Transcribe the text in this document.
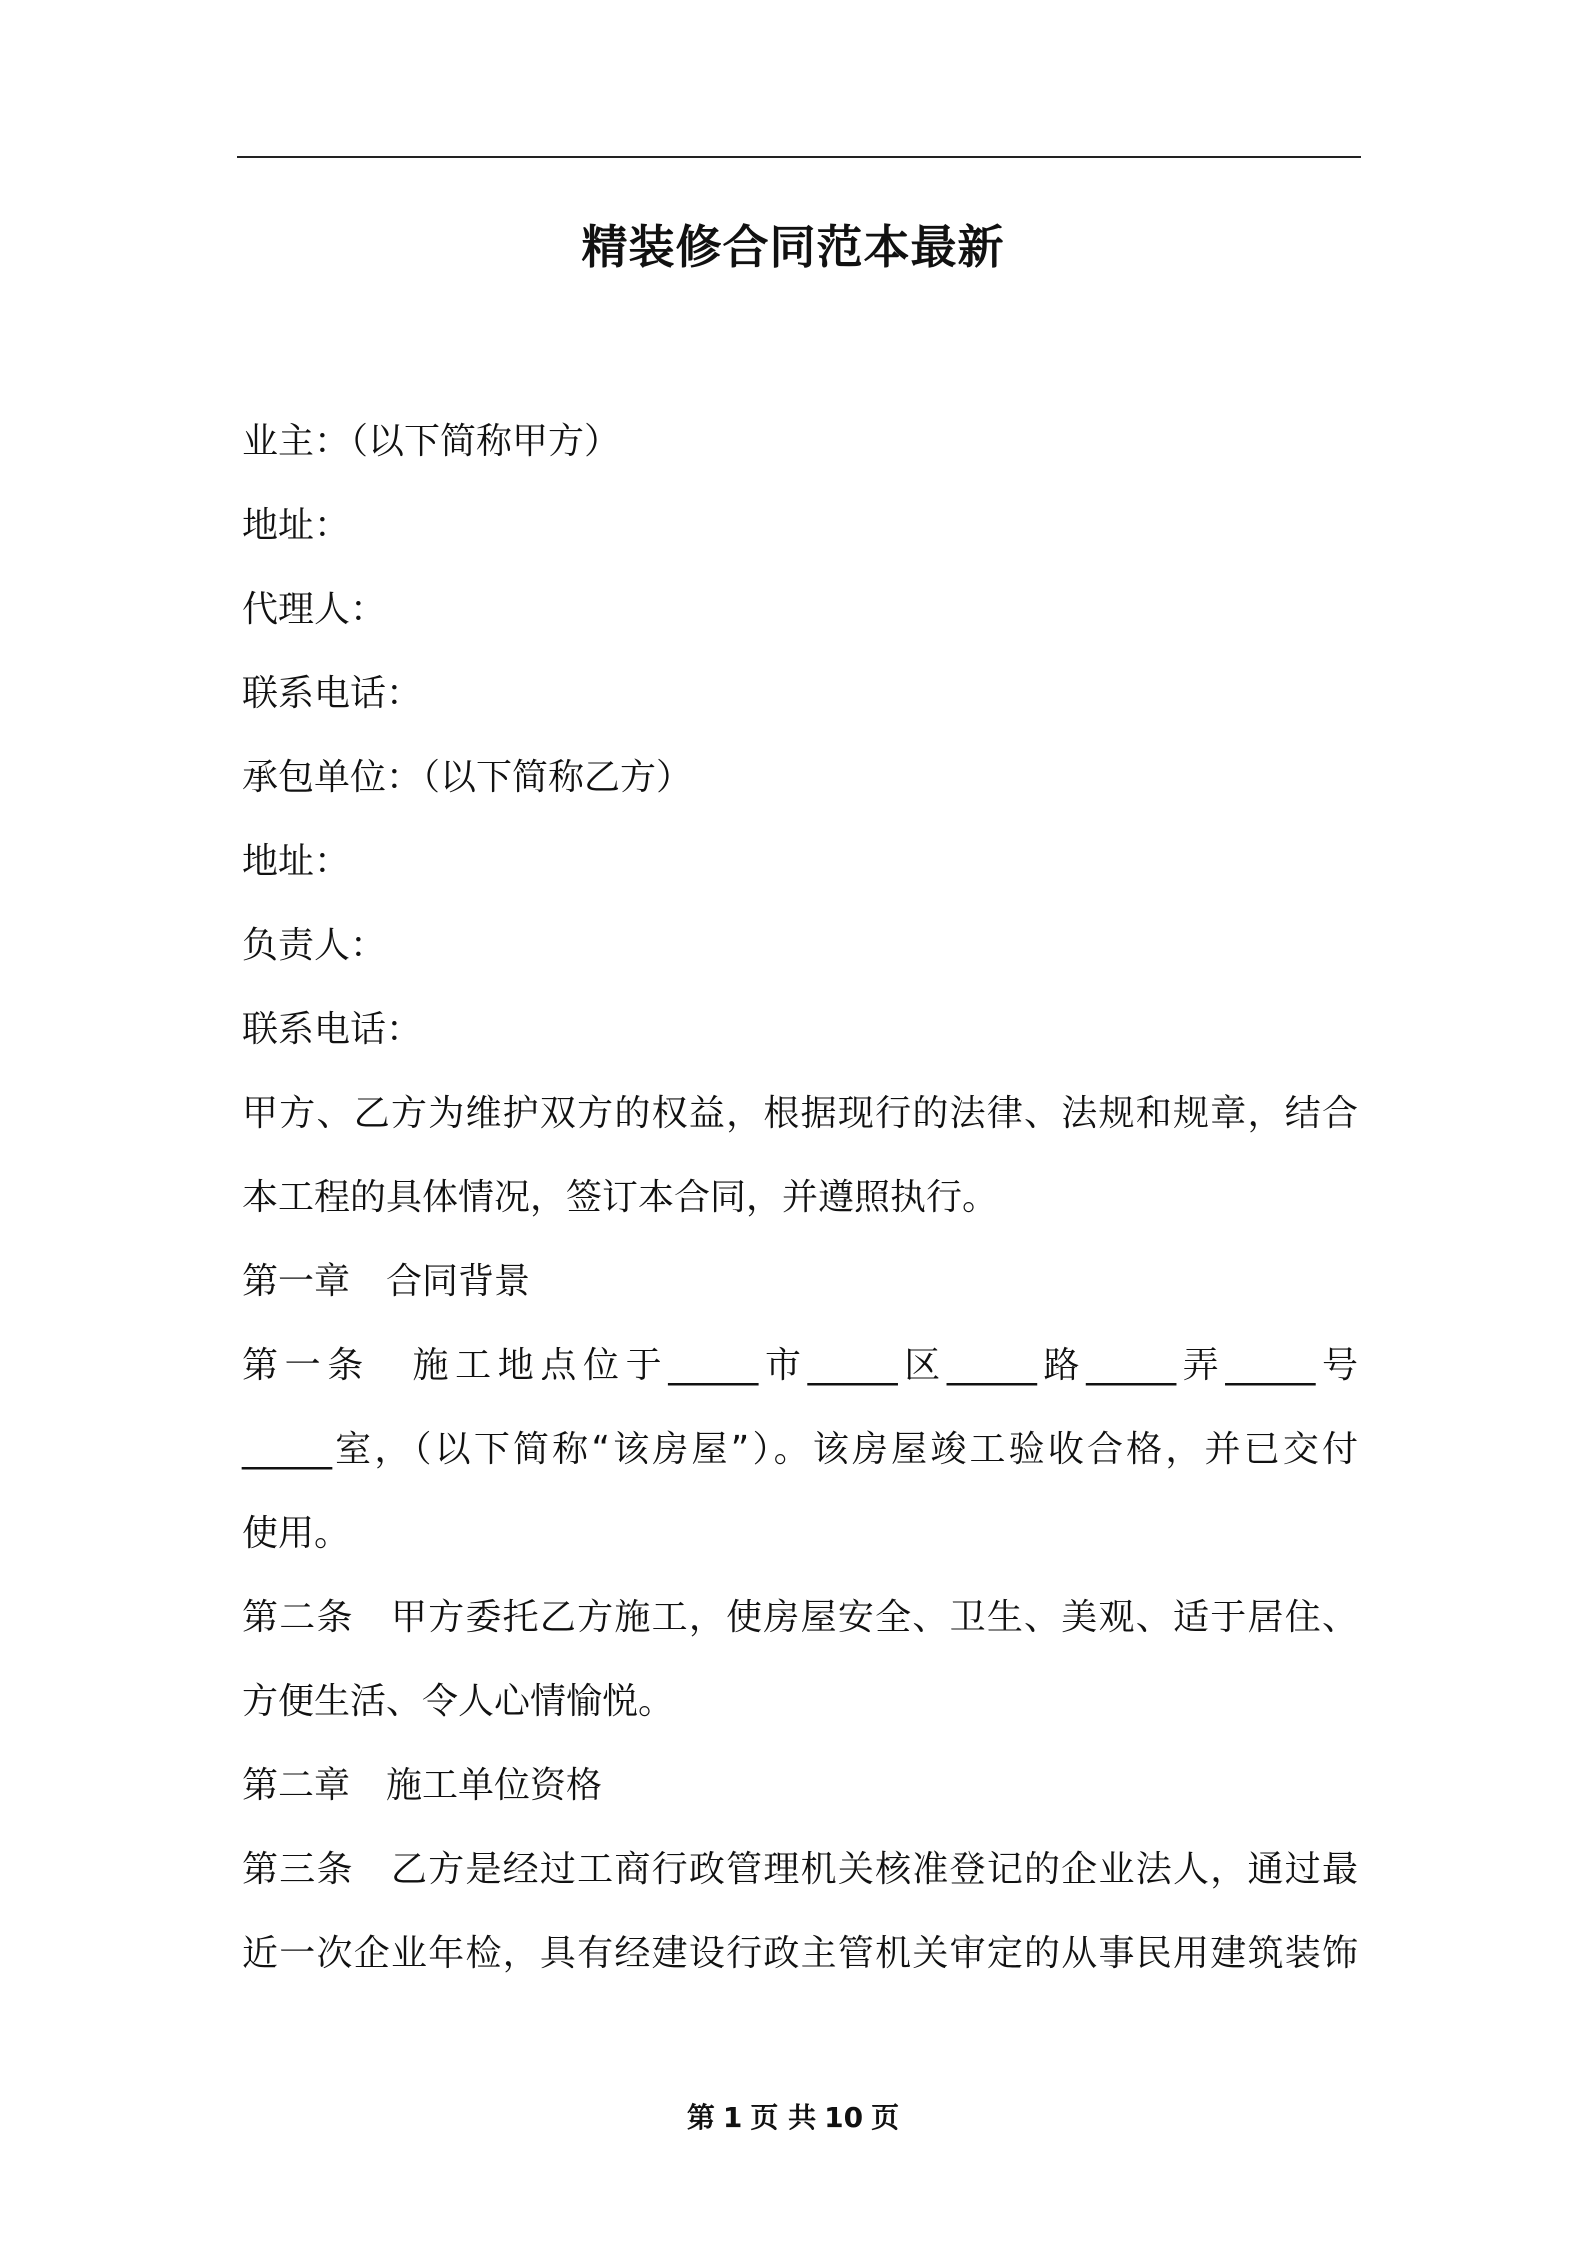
精装修合同范本最新
业主：（以下简称甲方）
地址：
代理人：
联系电话：
承包单位：（以下简称乙方）
地址：
负责人：
联系电话：
甲方、乙方为维护双方的权益，根据现行的法律、法规和规章，结合
本工程的具体情况，签订本合同，并遵照执行。
第一章　合同背景
第一条　施工地点位于_____市_____区_____路_____弄_____号
_____室，（以下简称“该房屋”）。该房屋竣工验收合格，并已交付
使用。
第二条　甲方委托乙方施工，使房屋安全、卫生、美观、适于居住、
方便生活、令人心情愉悦。
第二章　施工单位资格
第三条　乙方是经过工商行政管理机关核准登记的企业法人，通过最
近一次企业年检，具有经建设行政主管机关审定的从事民用建筑装饰
第 1 页 共 10 页
